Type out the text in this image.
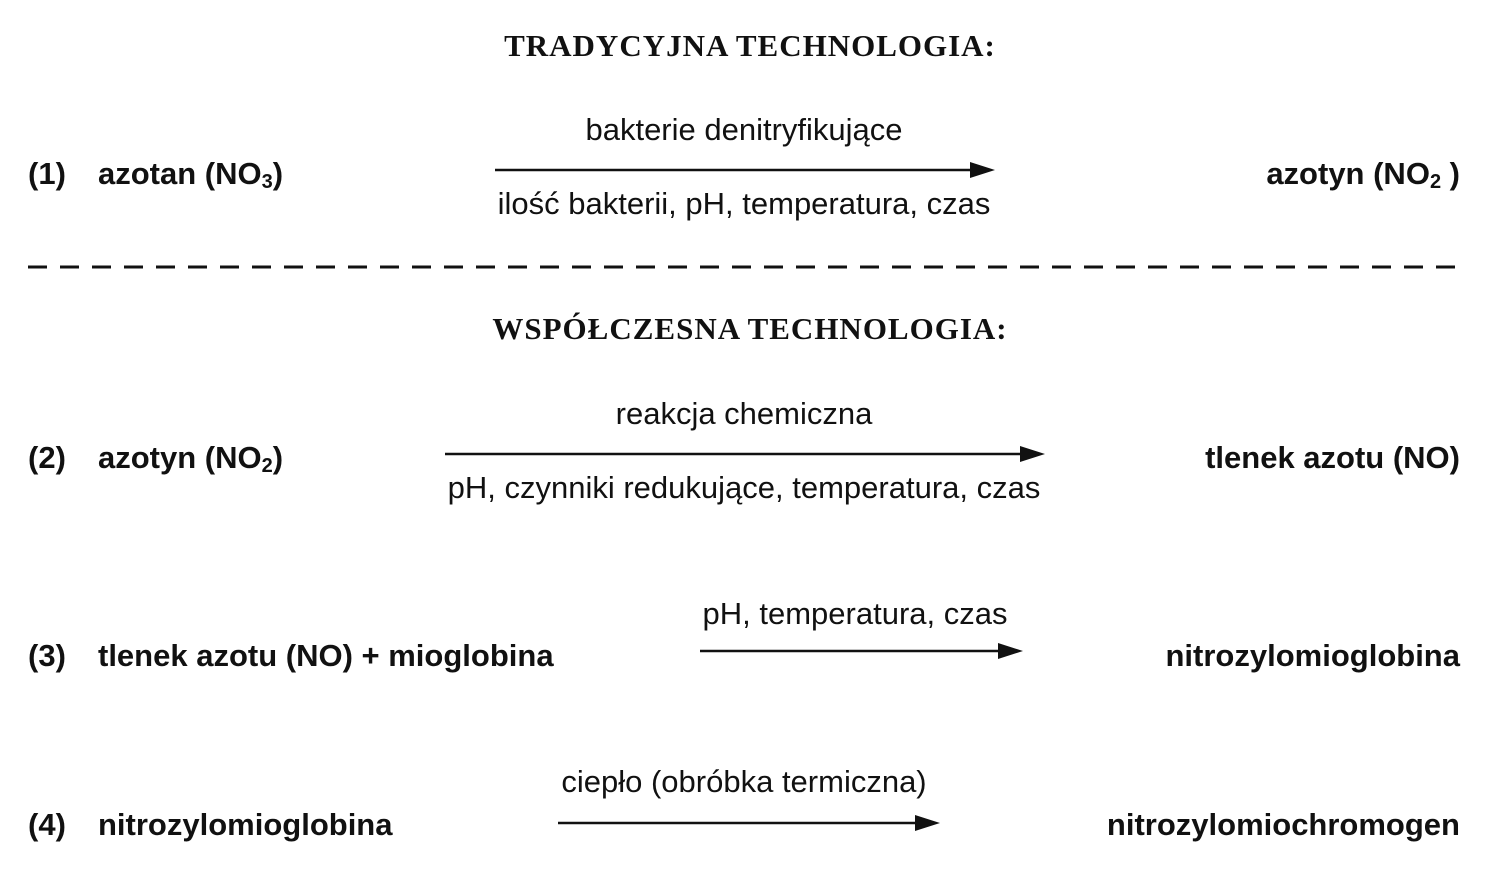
TRADYCYJNA TECHNOLOGIA:
(1) azotan $(NO_3)$
bakterie denitryfikujące
ilość bakterii, pH, temperatura, czas
azotyn ($NO_2$ )
WSPÓŁCZESNA TECHNOLOGIA:
(2) azotyn $(NO_2)$
reakcja chemiczna
pH, czynniki redukujące, temperatura, czas
tlenek azotu (NO)
(3) tlenek azotu (NO) + mioglobina
pH, temperatura, czas
nitrozylomioglobina
(4) nitrozylomioglobina
ciepło (obróbka termiczna)
nitrozylomiochromogen
